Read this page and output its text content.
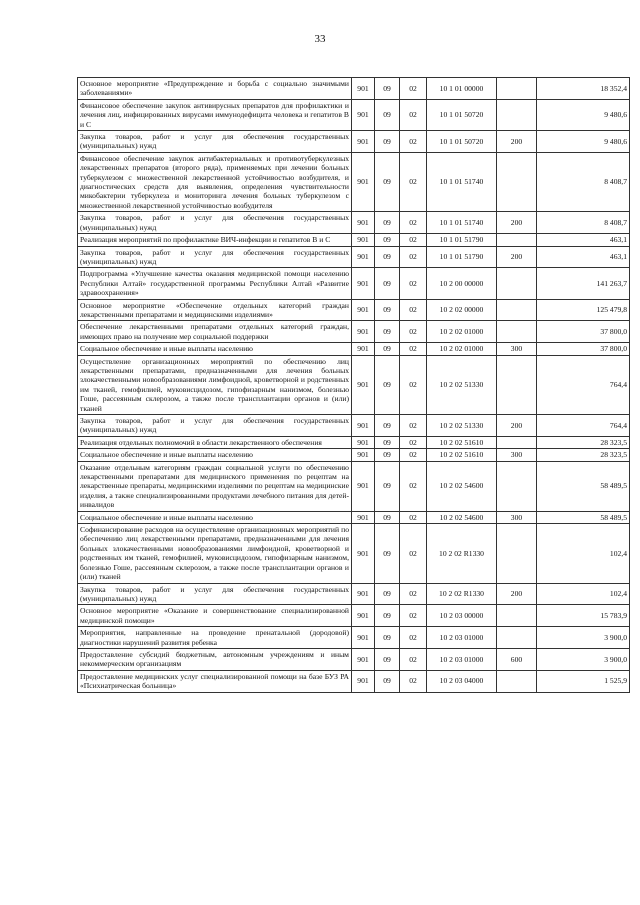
33
Основное мероприятие «Предупреждение и борьба с социально значимыми заболеваниями»	901	09	02	10 1 01 00000		18 352,4
Финансовое обеспечение закупок антивирусных препаратов для профилактики и лечения лиц, инфицированных вирусами иммунодефицита человека и гепатитов В и С	901	09	02	10 1 01 50720		9 480,6
Закупка товаров, работ и услуг для обеспечения государственных (муниципальных) нужд	901	09	02	10 1 01 50720	200	9 480,6
Финансовое обеспечение закупок антибактериальных и противотуберкулезных лекарственных препаратов (второго ряда), применяемых при лечении больных туберкулезом с множественной лекарственной устойчивостью возбудителя, и диагностических средств для выявления, определения чувствительности микобактерии туберкулеза и мониторинга лечения больных туберкулезом с множественной лекарственной устойчивостью возбудителя	901	09	02	10 1 01 51740		8 408,7
Закупка товаров, работ и услуг для обеспечения государственных (муниципальных) нужд	901	09	02	10 1 01 51740	200	8 408,7
Реализация мероприятий по профилактике ВИЧ-инфекции и гепатитов В и С	901	09	02	10 1 01 51790		463,1
Закупка товаров, работ и услуг для обеспечения государственных (муниципальных) нужд	901	09	02	10 1 01 51790	200	463,1
Подпрограмма «Улучшение качества оказания медицинской помощи населению Республики Алтай» государственной программы Республики Алтай «Развитие здравоохранения»	901	09	02	10 2 00 00000		141 263,7
Основное мероприятие «Обеспечение отдельных категорий граждан лекарственными препаратами и медицинскими изделиями»	901	09	02	10 2 02 00000		125 479,8
Обеспечение лекарственными препаратами отдельных категорий граждан, имеющих право на получение мер социальной поддержки	901	09	02	10 2 02 01000		37 800,0
Социальное обеспечение и иные выплаты населению	901	09	02	10 2 02 01000	300	37 800,0
Осуществление организационных мероприятий по обеспечению лиц лекарственными препаратами, предназначенными для лечения больных злокачественными новообразованиями лимфоидной, кроветворной и родственных им тканей, гемофилией, муковисцидозом, гипофизарным нанизмом, болезнью Гоше, рассеянным склерозом, а также после трансплантации органов и (или) тканей	901	09	02	10 2 02 51330		764,4
Закупка товаров, работ и услуг для обеспечения государственных (муниципальных) нужд	901	09	02	10 2 02 51330	200	764,4
Реализация отдельных полномочий в области лекарственного обеспечения	901	09	02	10 2 02 51610		28 323,5
Социальное обеспечение и иные выплаты населению	901	09	02	10 2 02 51610	300	28 323,5
Оказание отдельным категориям граждан социальной услуги по обеспечению лекарственными препаратами для медицинского применения по рецептам на лекарственные препараты, медицинскими изделиями по рецептам на медицинские изделия, а также специализированными продуктами лечебного питания для детей-инвалидов	901	09	02	10 2 02 54600		58 489,5
Социальное обеспечение и иные выплаты населению	901	09	02	10 2 02 54600	300	58 489,5
Софинансирование расходов на осуществление организационных мероприятий по обеспечению лиц лекарственными препаратами, предназначенными для лечения больных злокачественными новообразованиями лимфоидной, кроветворной и родственных им тканей, гемофилией, муковисцидозом, гипофизарным нанизмом, болезнью Гоше, рассеянным склерозом, а также после трансплантации органов и (или) тканей	901	09	02	10 2 02 R1330		102,4
Закупка товаров, работ и услуг для обеспечения государственных (муниципальных) нужд	901	09	02	10 2 02 R1330	200	102,4
Основное мероприятие «Оказание и совершенствование специализированной медицинской помощи»	901	09	02	10 2 03 00000		15 783,9
Мероприятия, направленные на проведение пренатальной (дородовой) диагностики нарушений развития ребенка	901	09	02	10 2 03 01000		3 900,0
Предоставление субсидий бюджетным, автономным учреждениям и иным некоммерческим организациям	901	09	02	10 2 03 01000	600	3 900,0
Предоставление медицинских услуг специализированной помощи на базе БУЗ РА «Психиатрическая больница»	901	09	02	10 2 03 04000		1 525,9
